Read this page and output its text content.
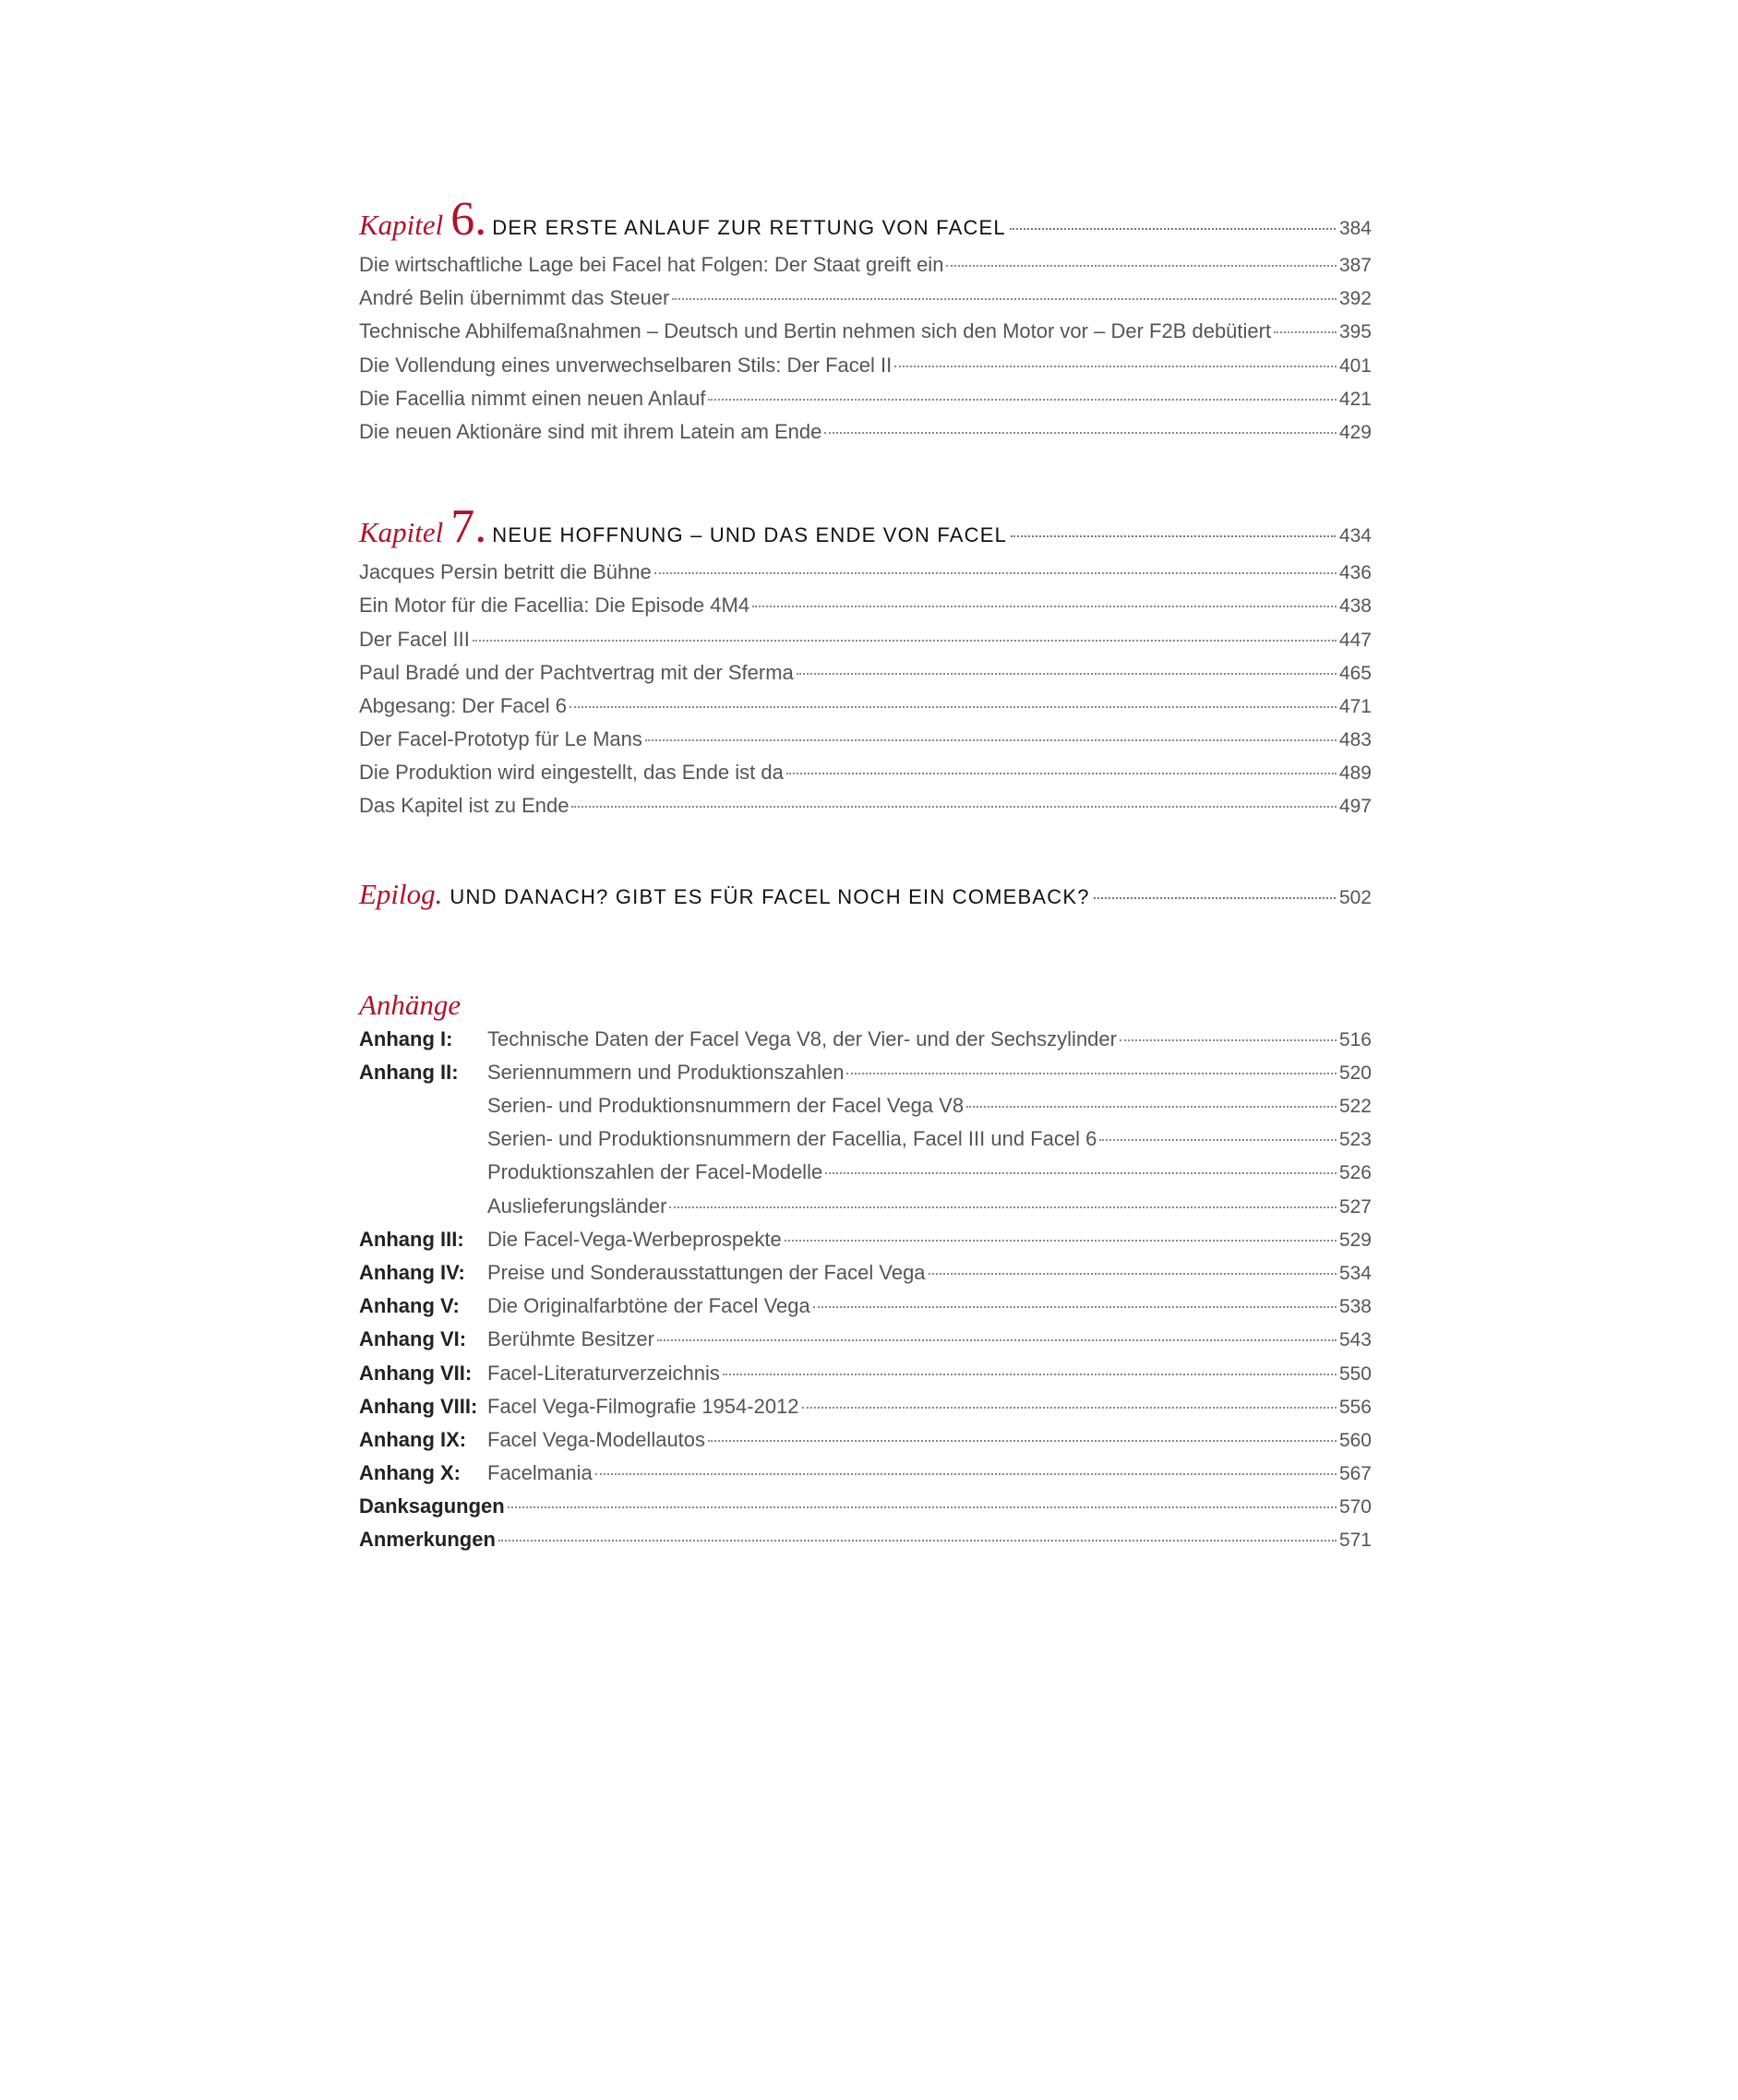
Kapitel 6. DER ERSTE ANLAUF ZUR RETTUNG VON FACEL	384
Die wirtschaftliche Lage bei Facel hat Folgen: Der Staat greift ein	387
André Belin übernimmt das Steuer	392
Technische Abhilfemaßnahmen – Deutsch und Bertin nehmen sich den Motor vor – Der F2B debütiert	395
Die Vollendung eines unverwechselbaren Stils: Der Facel II	401
Die Facellia nimmt einen neuen Anlauf	421
Die neuen Aktionäre sind mit ihrem Latein am Ende	429
Kapitel 7. NEUE HOFFNUNG – UND DAS ENDE VON FACEL	434
Jacques Persin betritt die Bühne	436
Ein Motor für die Facellia: Die Episode 4M4	438
Der Facel III	447
Paul Bradé und der Pachtvertrag mit der Sferma	465
Abgesang: Der Facel 6	471
Der Facel-Prototyp für Le Mans	483
Die Produktion wird eingestellt, das Ende ist da	489
Das Kapitel ist zu Ende	497
Epilog. UND DANACH? GIBT ES FÜR FACEL NOCH EIN COMEBACK?	502
Anhänge
Anhang I:	Technische Daten der Facel Vega V8, der Vier- und der Sechszylinder	516
Anhang II:	Seriennummern und Produktionszahlen	520
Serien- und Produktionsnummern der Facel Vega V8	522
Serien- und Produktionsnummern der Facellia, Facel III und Facel 6	523
Produktionszahlen der Facel-Modelle	526
Auslieferungsländer	527
Anhang III:	Die Facel-Vega-Werbeprospekte	529
Anhang IV:	Preise und Sonderausstattungen der Facel Vega	534
Anhang V:	Die Originalfarbtöne der Facel Vega	538
Anhang VI:	Berühmte Besitzer	543
Anhang VII: Facel-Literaturverzeichnis	550
Anhang VIII: Facel Vega-Filmografie 1954-2012	556
Anhang IX:	Facel Vega-Modellautos	560
Anhang X:	Facelmania	567
Danksagungen	570
Anmerkungen	571
